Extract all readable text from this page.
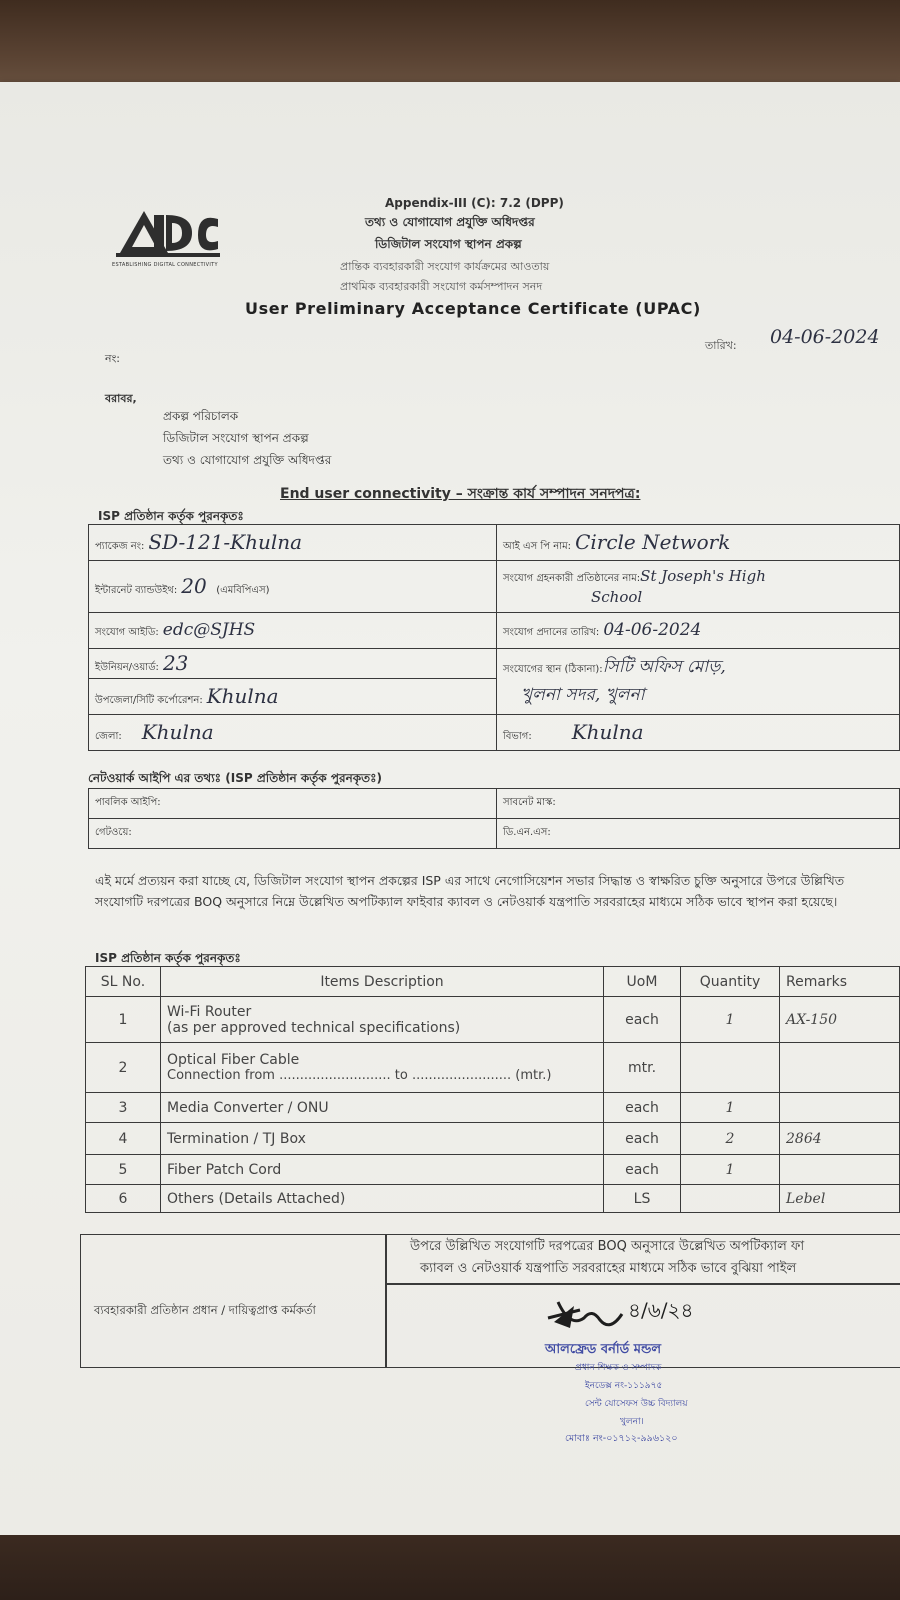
ESTABLISHING DIGITAL CONNECTIVITY
Appendix-III (C): 7.2 (DPP)
তথ্য ও যোগাযোগ প্রযুক্তি অধিদপ্তর
ডিজিটাল সংযোগ স্থাপন প্রকল্প
প্রান্তিক ব্যবহারকারী সংযোগ কার্যক্রমের আওতায়
প্রাথমিক ব্যবহারকারী সংযোগ কর্মসম্পাদন সনদ
User Preliminary Acceptance Certificate (UPAC)
তারিখ: 04-06-2024
নং:
বরাবর,
প্রকল্প পরিচালক
ডিজিটাল সংযোগ স্থাপন প্রকল্প
তথ্য ও যোগাযোগ প্রযুক্তি অধিদপ্তর
End user connectivity – সংক্রান্ত কার্য সম্পাদন সনদপত্র:
ISP প্রতিষ্ঠান কর্তৃক পুরনকৃতঃ
প্যাকেজ নং: SD-121-Khulna	আই এস পি নাম: Circle Network
ইন্টারনেট ব্যান্ডউইথ: 20 (এমবিপিএস)	সংযোগ গ্রহনকারী প্রতিষ্ঠানের নাম:St Joseph's High
School
সংযোগ আইডি: edc@SJHS	সংযোগ প্রদানের তারিখ: 04-06-2024
ইউনিয়ন/ওয়ার্ড: 23	সংযোগের স্থান (ঠিকানা):সিটি অফিস মোড়,
খুলনা সদর, খুলনা
উপজেলা/সিটি কর্পোরেশন: Khulna	
জেলা: Khulna	বিভাগ: Khulna
নেটওয়ার্ক আইপি এর তথ্যঃ (ISP প্রতিষ্ঠান কর্তৃক পুরনকৃতঃ)
পাবলিক আইপি:	সাবনেট মাস্ক:
গেটওয়ে:	ডি.এন.এস:
এই মর্মে প্রত্যয়ন করা যাচ্ছে যে, ডিজিটাল সংযোগ স্থাপন প্রকল্পের ISP এর সাথে নেগোসিয়েশন সভার সিদ্ধান্ত ও স্বাক্ষরিত চুক্তি অনুসারে উপরে উল্লিখিত সংযোগটি দরপত্রের BOQ অনুসারে নিম্নে উল্লেখিত অপটিক্যাল ফাইবার ক্যাবল ও নেটওয়ার্ক যন্ত্রপাতি সরবরাহের মাধ্যমে সঠিক ভাবে স্থাপন করা হয়েছে।
ISP প্রতিষ্ঠান কর্তৃক পুরনকৃতঃ
SL No.	Items Description	UoM	Quantity	Remarks
1	Wi-Fi Router
(as per approved technical specifications)	each	1	AX-150
2	Optical Fiber Cable
Connection from ........................... to ........................ (mtr.)	mtr.		
3	Media Converter / ONU	each	1	
4	Termination / TJ Box	each	2	2864
5	Fiber Patch Cord	each	1	
6	Others (Details Attached)	LS		Lebel
ব্যবহারকারী প্রতিষ্ঠান প্রধান / দায়িত্বপ্রাপ্ত কর্মকর্তা
উপরে উল্লিখিত সংযোগটি দরপত্রের BOQ অনুসারে উল্লেখিত অপটিক্যাল ফা
ক্যাবল ও নেটওয়ার্ক যন্ত্রপাতি সরবরাহের মাধ্যমে সঠিক ভাবে বুঝিয়া পাইল
৪/৬/২৪
আলফ্রেড বর্নার্ড মন্ডল
প্রধান শিক্ষক ও সম্পাদক
ইনডেক্স নং-১১১৯৭৫
সেন্ট যোসেফস উচ্চ বিদ্যালয়
খুলনা।
মোবাঃ নং-০১৭১২-৯৯৬১২০
